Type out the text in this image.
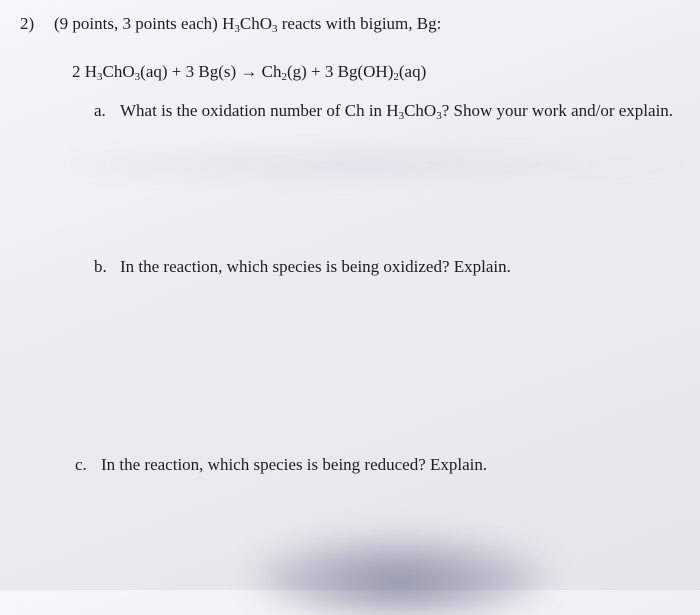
2) (9 points, 3 points each) $H_3ChO_3$ reacts with bigium, Bg:
2 $H_3ChO_3(aq) + 3$ $Bg(s) \to Ch_2(g) + 3$ $Bg(OH)_2(aq)$
a. What is the oxidation number of Ch in $H_3ChO_3$? Show your work and/or explain.
b. In the reaction, which species is being oxidized? Explain.
c. In the reaction, which species is being reduced? Explain.
